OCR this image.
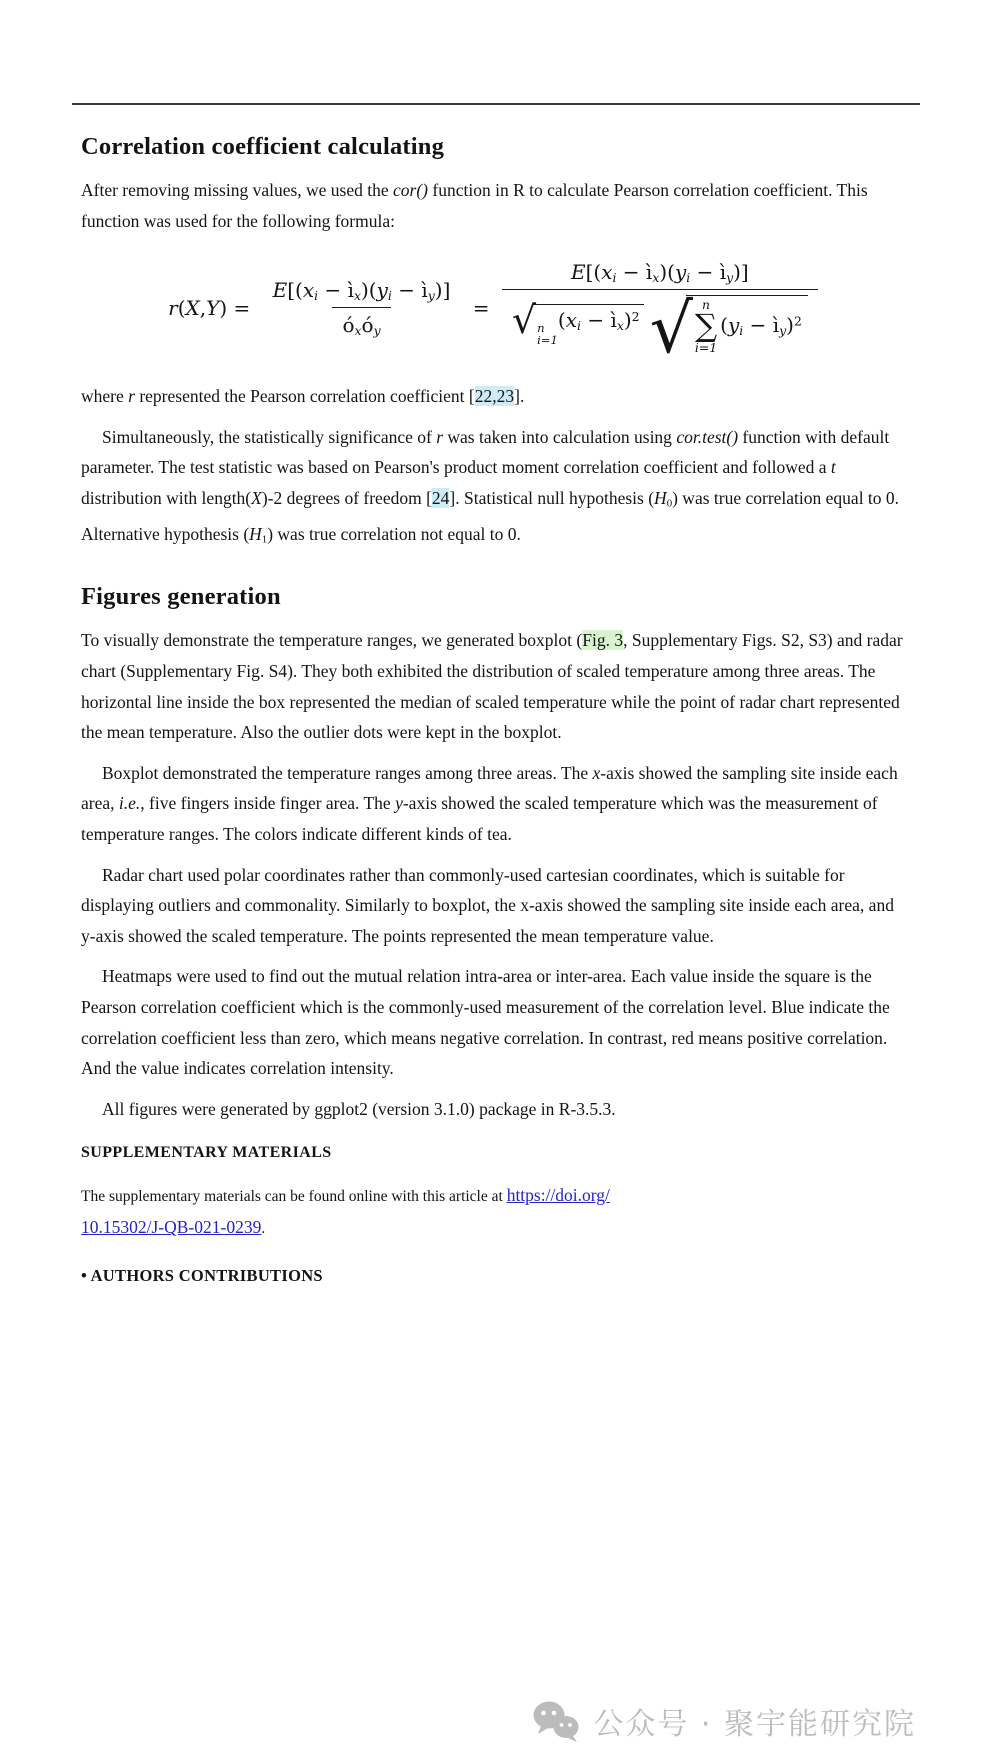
Correlation coefficient calculating

After removing missing values, we used the cor() function in R to calculate Pearson correlation coefficient. This function was used for the following formula:

$r(X,Y) = \frac{E[(xi - ìx)(yi - ìy)]}{\text{óxóy}}$ =
E[(xi − ìx)(yi − ìy)]
√ n
i=1
(xi − ìx)$^2$ √ n
∑
i=1
(yi − ìy)$^2$

where r represented the Pearson correlation coefficient [22,23].

Simultaneously, the statistically significance of r was taken into calculation using cor.test() function with default parameter. The test statistic was based on Pearson's product moment correlation coefficient and followed a t distribution with length(X)-2 degrees of freedom [24]. Statistical null hypothesis (H0) was true correlation equal to 0. Alternative hypothesis (H1) was true correlation not equal to 0.

Figures generation

To visually demonstrate the temperature ranges, we generated boxplot (Fig. 3, Supplementary Figs. S2, S3) and radar chart (Supplementary Fig. S4). They both exhibited the distribution of scaled temperature among three areas. The horizontal line inside the box represented the median of scaled temperature while the point of radar chart represented the mean temperature. Also the outlier dots were kept in the boxplot.

Boxplot demonstrated the temperature ranges among three areas. The x-axis showed the sampling site inside each area, i.e., five fingers inside finger area. The y-axis showed the scaled temperature which was the measurement of temperature ranges. The colors indicate different kinds of tea.

Radar chart used polar coordinates rather than commonly-used cartesian coordinates, which is suitable for displaying outliers and commonality. Similarly to boxplot, the x-axis showed the sampling site inside each area, and y-axis showed the scaled temperature. The points represented the mean temperature value.

Heatmaps were used to find out the mutual relation intra-area or inter-area. Each value inside the square is the Pearson correlation coefficient which is the commonly-used measurement of the correlation level. Blue indicate the correlation coefficient less than zero, which means negative correlation. In contrast, red means positive correlation. And the value indicates correlation intensity.

All figures were generated by ggplot2 (version 3.1.0) package in R-3.5.3.

SUPPLEMENTARY MATERIALS

The supplementary materials can be found online with this article at https://doi.org/
10.15302/J-QB-021-0239.

• AUTHORS CONTRIBUTIONS
公众号 · 聚宇能研究院
